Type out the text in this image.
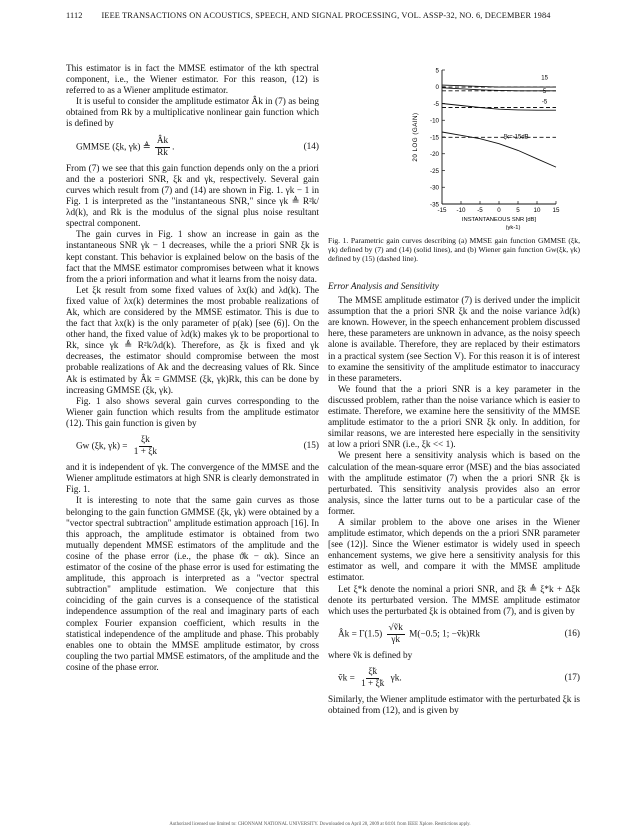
1112	IEEE TRANSACTIONS ON ACOUSTICS, SPEECH, AND SIGNAL PROCESSING, VOL. ASSP-32, NO. 6, DECEMBER 1984

This estimator is in fact the MMSE estimator of the kth spectral component, i.e., the Wiener estimator. For this reason, (12) is referred to as a Wiener amplitude estimator.

It is useful to consider the amplitude estimator Âk in (7) as being obtained from Rk by a multiplicative nonlinear gain function which is defined by

GMMSE (ξk, γk) ≜ $\frac{Âk}{Rk}$ .	(14)

From (7) we see that this gain function depends only on the a priori and the a posteriori SNR, ξk and γk, respectively. Several gain curves which result from (7) and (14) are shown in Fig. 1. γk − 1 in Fig. 1 is interpreted as the "instantaneous SNR," since γk ≜ R²k/λd(k), and Rk is the modulus of the signal plus noise resultant spectral component.

The gain curves in Fig. 1 show an increase in gain as the instantaneous SNR γk − 1 decreases, while the a priori SNR ξk is kept constant. This behavior is explained below on the basis of the fact that the MMSE estimator compromises between what it knows from the a priori information and what it learns from the noisy data.

Let ξk result from some fixed values of λx(k) and λd(k). The fixed value of λx(k) determines the most probable realizations of Ak, which are considered by the MMSE estimator. This is due to the fact that λx(k) is the only parameter of p(ak) [see (6)]. On the other hand, the fixed value of λd(k) makes γk to be proportional to Rk, since γk ≜ R²k/λd(k). Therefore, as ξk is fixed and γk decreases, the estimator should compromise between the most probable realizations of Ak and the decreasing values of Rk. Since Ak is estimated by Âk = GMMSE (ξk, γk)Rk, this can be done by increasing GMMSE (ξk, γk).

Fig. 1 also shows several gain curves corresponding to the Wiener gain function which results from the amplitude estimator (12). This gain function is given by

Gw (ξk, $\gamma k) = \frac{\xi k}{1 + \xi k}$	(15)

and it is independent of γk. The convergence of the MMSE and the Wiener amplitude estimators at high SNR is clearly demonstrated in Fig. 1.

It is interesting to note that the same gain curves as those belonging to the gain function GMMSE (ξk, γk) were obtained by a "vector spectral subtraction" amplitude estimation approach [16]. In this approach, the amplitude estimator is obtained from two mutually dependent MMSE estimators of the amplitude and the cosine of the phase error (i.e., the phase ϑk − αk). Since an estimator of the cosine of the phase error is used for estimating the amplitude, this approach is interpreted as a "vector spectral subtraction" amplitude estimation. We conjecture that this coinciding of the gain curves is a consequence of the statistical independence assumption of the real and imaginary parts of each complex Fourier expansion coefficient, which results in the statistical independence of the amplitude and phase. This probably enables one to obtain the MMSE amplitude estimator, by cross coupling the two partial MMSE estimators, of the amplitude and the cosine of the phase error.

5
0
-5
-10
-15
-20
-25
-30
-35
-15 -10 -5 0	5 10 15
20 LOG (GAIN)
INSTANTANEOUS SNR [dB]
(γk-1)
15
5
-5
ξk=-15dB
Fig. 1. Parametric gain curves describing (a) MMSE gain function GMMSE (ξk, γk) defined by (7) and (14) (solid lines), and (b) Wiener gain function Gw(ξk, γk) defined by (15) (dashed line).
Error Analysis and Sensitivity

The MMSE amplitude estimator (7) is derived under the implicit assumption that the a priori SNR ξk and the noise variance λd(k) are known. However, in the speech enhancement problem discussed here, these parameters are unknown in advance, as the noisy speech alone is available. Therefore, they are replaced by their estimators in a practical system (see Section V). For this reason it is of interest to examine the sensitivity of the amplitude estimator to inaccuracy in these parameters.

We found that the a priori SNR is a key parameter in the discussed problem, rather than the noise variance which is easier to estimate. Therefore, we examine here the sensitivity of the MMSE amplitude estimator to the a priori SNR ξk only. In addition, for similar reasons, we are interested here especially in the sensitivity at low a priori SNR (i.e., ξk << 1).

We present here a sensitivity analysis which is based on the calculation of the mean-square error (MSE) and the bias associated with the amplitude estimator (7) when the a priori SNR ξk is perturbated. This sensitivity analysis provides also an error analysis, since the latter turns out to be a particular case of the former.

A similar problem to the above one arises in the Wiener amplitude estimator, which depends on the a priori SNR parameter [see (12)]. Since the Wiener estimator is widely used in speech enhancement systems, we give here a sensitivity analysis for this estimator as well, and compare it with the MMSE amplitude estimator.

Let ξ*k denote the nominal a priori SNR, and ξ̃k ≜ ξ*k + Δξk denote its perturbated version. The MMSE amplitude estimator which uses the perturbated ξk is obtained from (7), and is given by

Âk = $\Gamma(1.5) \frac{\text{√ṽk}}{\gamma k} M(-0.5$; 1; −ṽk)Rk	(16)

where ṽk is defined by

ṽk = $\frac{\xĩk}{1 + \xĩk} \gamma k$.	(17)

Similarly, the Wiener amplitude estimator with the perturbated ξk is obtained from (12), and is given by

Authorized licensed use limited to: CHONNAM NATIONAL UNIVERSITY. Downloaded on April 28, 2009 at 04:01 from IEEE Xplore. Restrictions apply.
